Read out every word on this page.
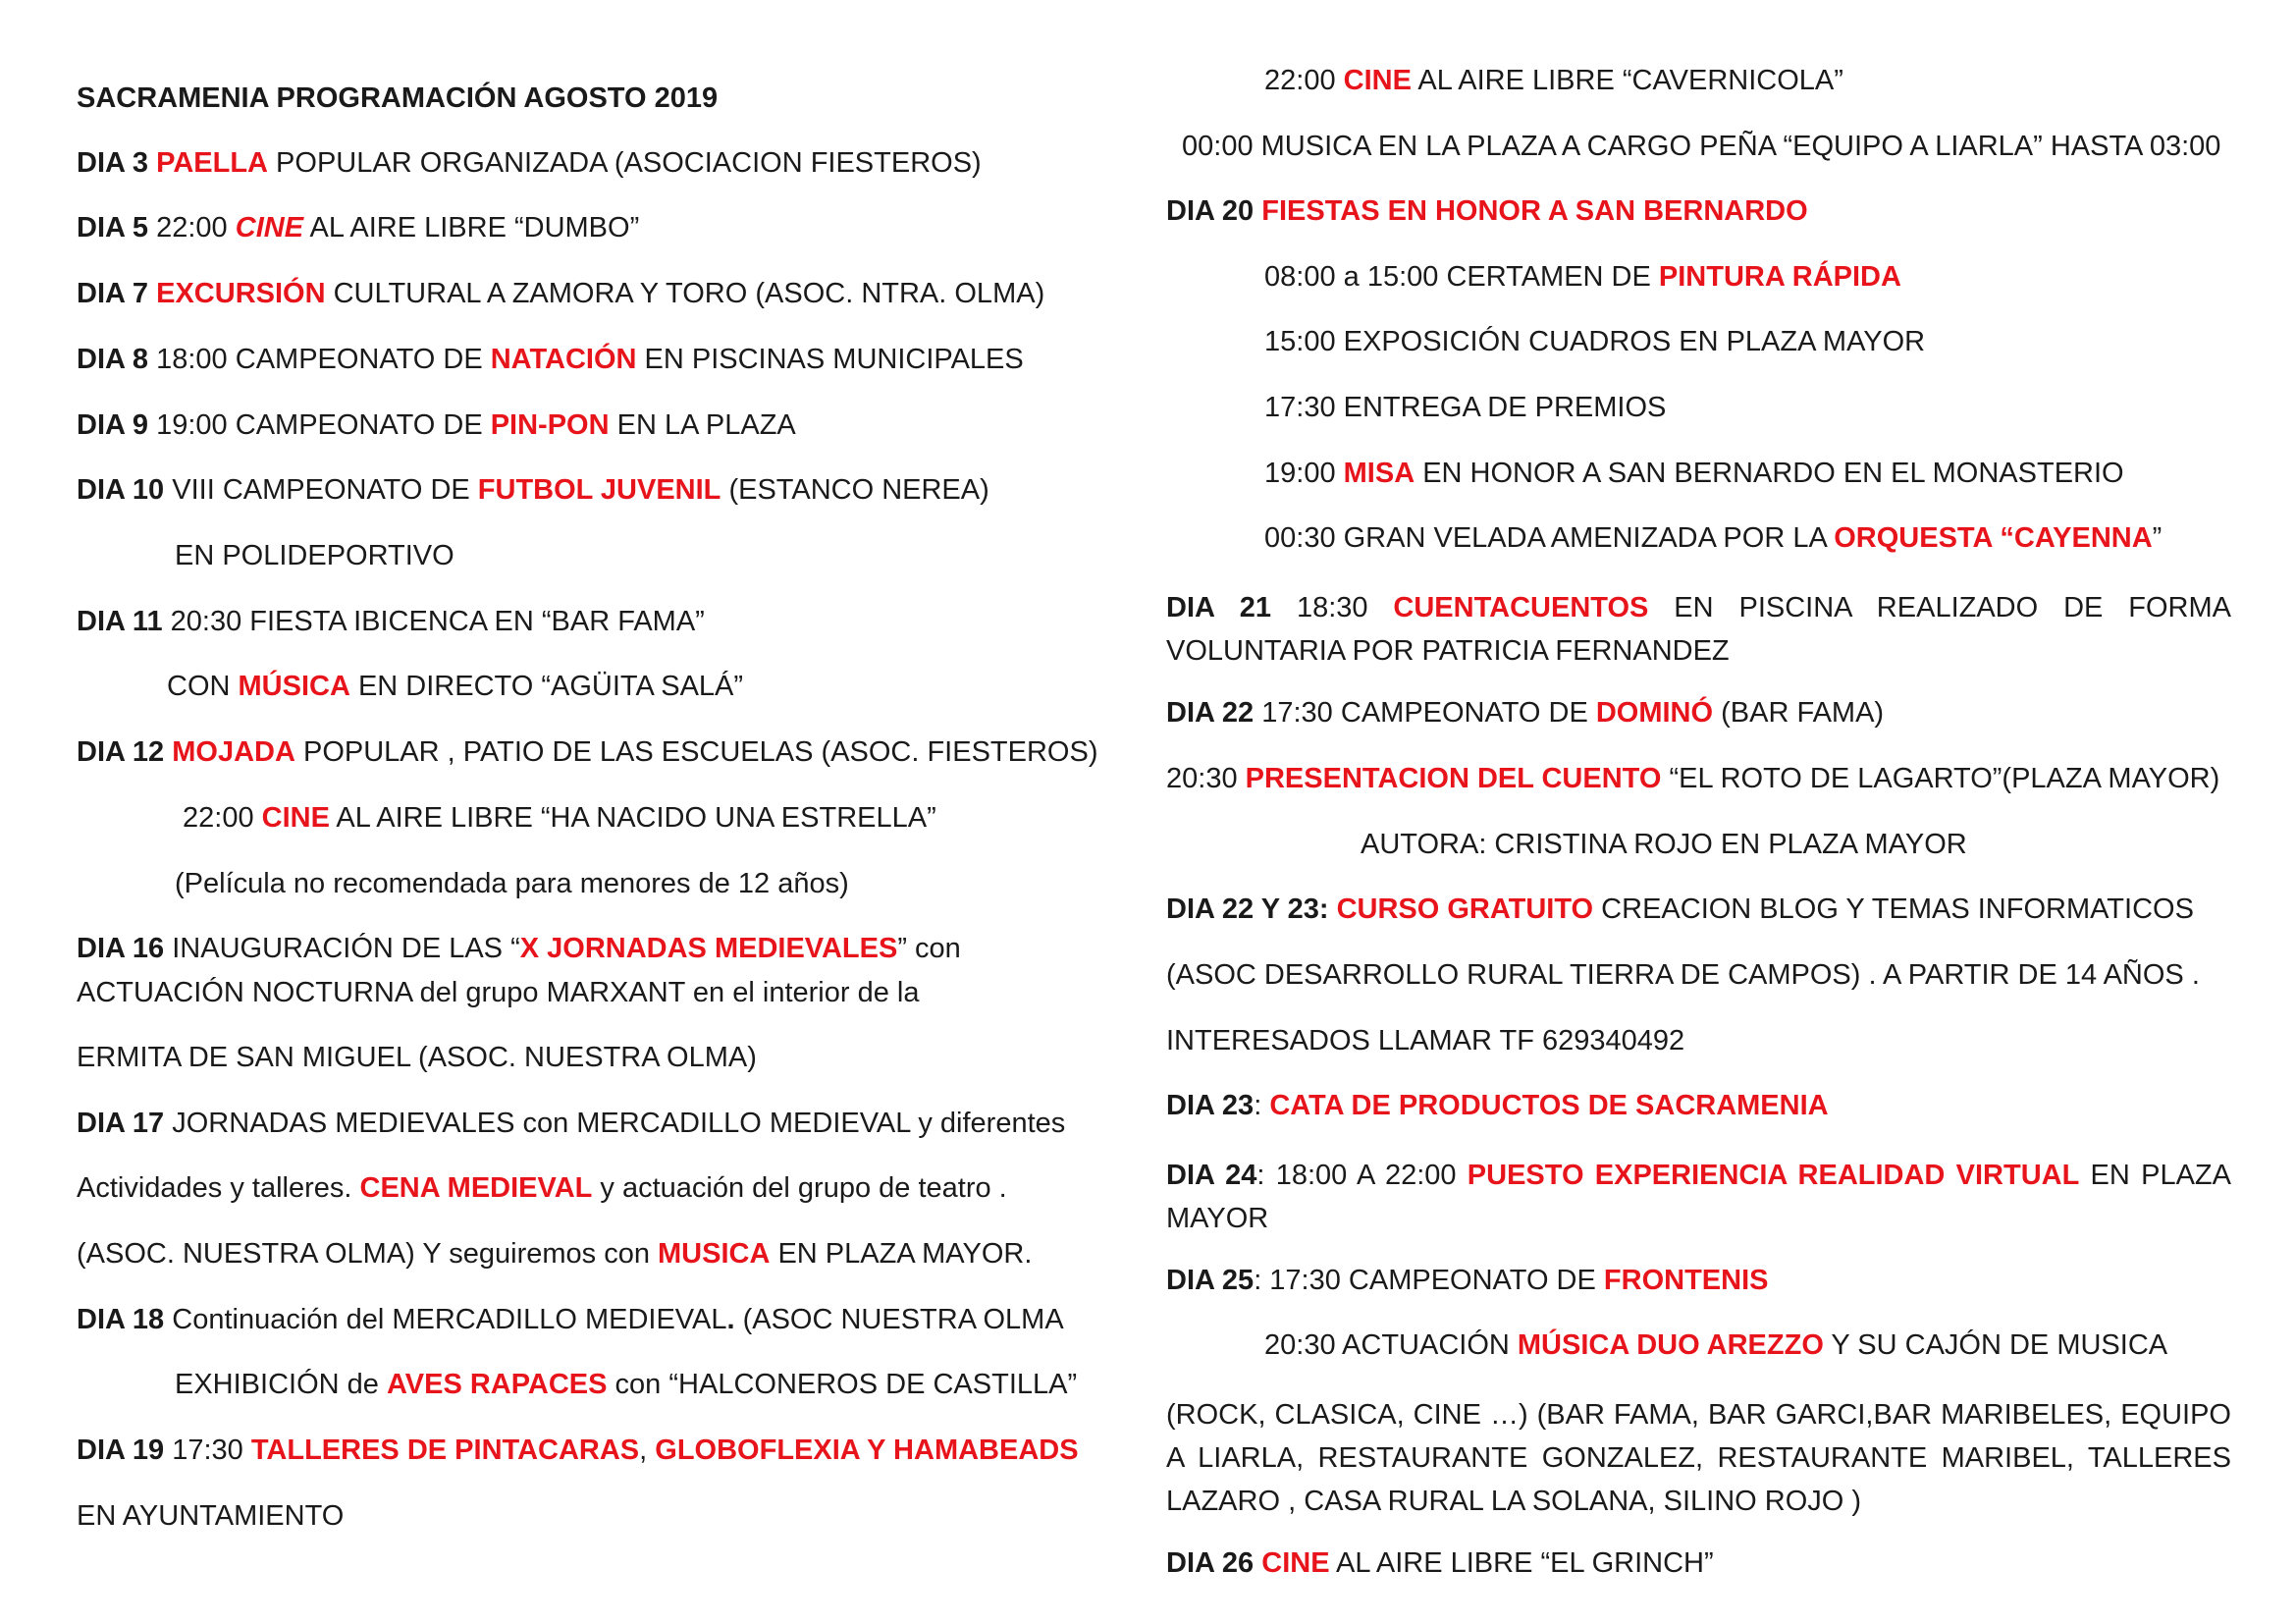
SACRAMENIA PROGRAMACIÓN AGOSTO 2019
DIA 3 PAELLA POPULAR ORGANIZADA (ASOCIACION FIESTEROS)
DIA 5 22:00 CINE AL AIRE LIBRE “DUMBO”
DIA 7 EXCURSIÓN CULTURAL A ZAMORA Y TORO (ASOC. NTRA. OLMA)
DIA 8 18:00 CAMPEONATO DE NATACIÓN EN PISCINAS MUNICIPALES
DIA 9 19:00 CAMPEONATO DE PIN-PON EN LA PLAZA
DIA 10 VIII CAMPEONATO DE FUTBOL JUVENIL (ESTANCO NEREA)
EN POLIDEPORTIVO
DIA 11 20:30 FIESTA IBICENCA EN “BAR FAMA”
CON MÚSICA EN DIRECTO “AGÜITA SALÁ”
DIA 12 MOJADA POPULAR , PATIO DE LAS ESCUELAS (ASOC. FIESTEROS)
22:00 CINE AL AIRE LIBRE “HA NACIDO UNA ESTRELLA”
(Película no recomendada para menores de 12 años)
DIA 16 INAUGURACIÓN DE LAS “X JORNADAS MEDIEVALES” con
ACTUACIÓN NOCTURNA del grupo MARXANT en el interior de la
ERMITA DE SAN MIGUEL (ASOC. NUESTRA OLMA)
DIA 17 JORNADAS MEDIEVALES con MERCADILLO MEDIEVAL y diferentes
Actividades y talleres. CENA MEDIEVAL y actuación del grupo de teatro .
(ASOC. NUESTRA OLMA) Y seguiremos con MUSICA EN PLAZA MAYOR.
DIA 18 Continuación del MERCADILLO MEDIEVAL. (ASOC NUESTRA OLMA
EXHIBICIÓN de AVES RAPACES con “HALCONEROS DE CASTILLA”
DIA 19 17:30 TALLERES DE PINTACARAS, GLOBOFLEXIA Y HAMABEADS
EN AYUNTAMIENTO
22:00 CINE AL AIRE LIBRE “CAVERNICOLA”
00:00 MUSICA EN LA PLAZA A CARGO PEÑA “EQUIPO A LIARLA” HASTA 03:00
DIA 20 FIESTAS EN HONOR A SAN BERNARDO
08:00 a 15:00 CERTAMEN DE PINTURA RÁPIDA
15:00 EXPOSICIÓN CUADROS EN PLAZA MAYOR
17:30 ENTREGA DE PREMIOS
19:00 MISA EN HONOR A SAN BERNARDO EN EL MONASTERIO
00:30 GRAN VELADA AMENIZADA POR LA ORQUESTA “CAYENNA”
DIA 21 18:30 CUENTACUENTOS EN PISCINA REALIZADO DE FORMA VOLUNTARIA POR PATRICIA FERNANDEZ
DIA 22 17:30 CAMPEONATO DE DOMINÓ (BAR FAMA)
20:30 PRESENTACION DEL CUENTO “EL ROTO DE LAGARTO”(PLAZA MAYOR)
AUTORA: CRISTINA ROJO EN PLAZA MAYOR
DIA 22 Y 23: CURSO GRATUITO CREACION BLOG Y TEMAS INFORMATICOS
(ASOC DESARROLLO RURAL TIERRA DE CAMPOS) . A PARTIR DE 14 AÑOS .
INTERESADOS LLAMAR TF 629340492
DIA 23: CATA DE PRODUCTOS DE SACRAMENIA
DIA 24: 18:00 A 22:00 PUESTO EXPERIENCIA REALIDAD VIRTUAL EN PLAZA MAYOR
DIA 25: 17:30 CAMPEONATO DE FRONTENIS
20:30 ACTUACIÓN MÚSICA DUO AREZZO Y SU CAJÓN DE MUSICA
(ROCK, CLASICA, CINE …) (BAR FAMA, BAR GARCI,BAR MARIBELES, EQUIPO A LIARLA, RESTAURANTE GONZALEZ, RESTAURANTE MARIBEL, TALLERES LAZARO , CASA RURAL LA SOLANA, SILINO ROJO )
DIA 26 CINE AL AIRE LIBRE “EL GRINCH”
